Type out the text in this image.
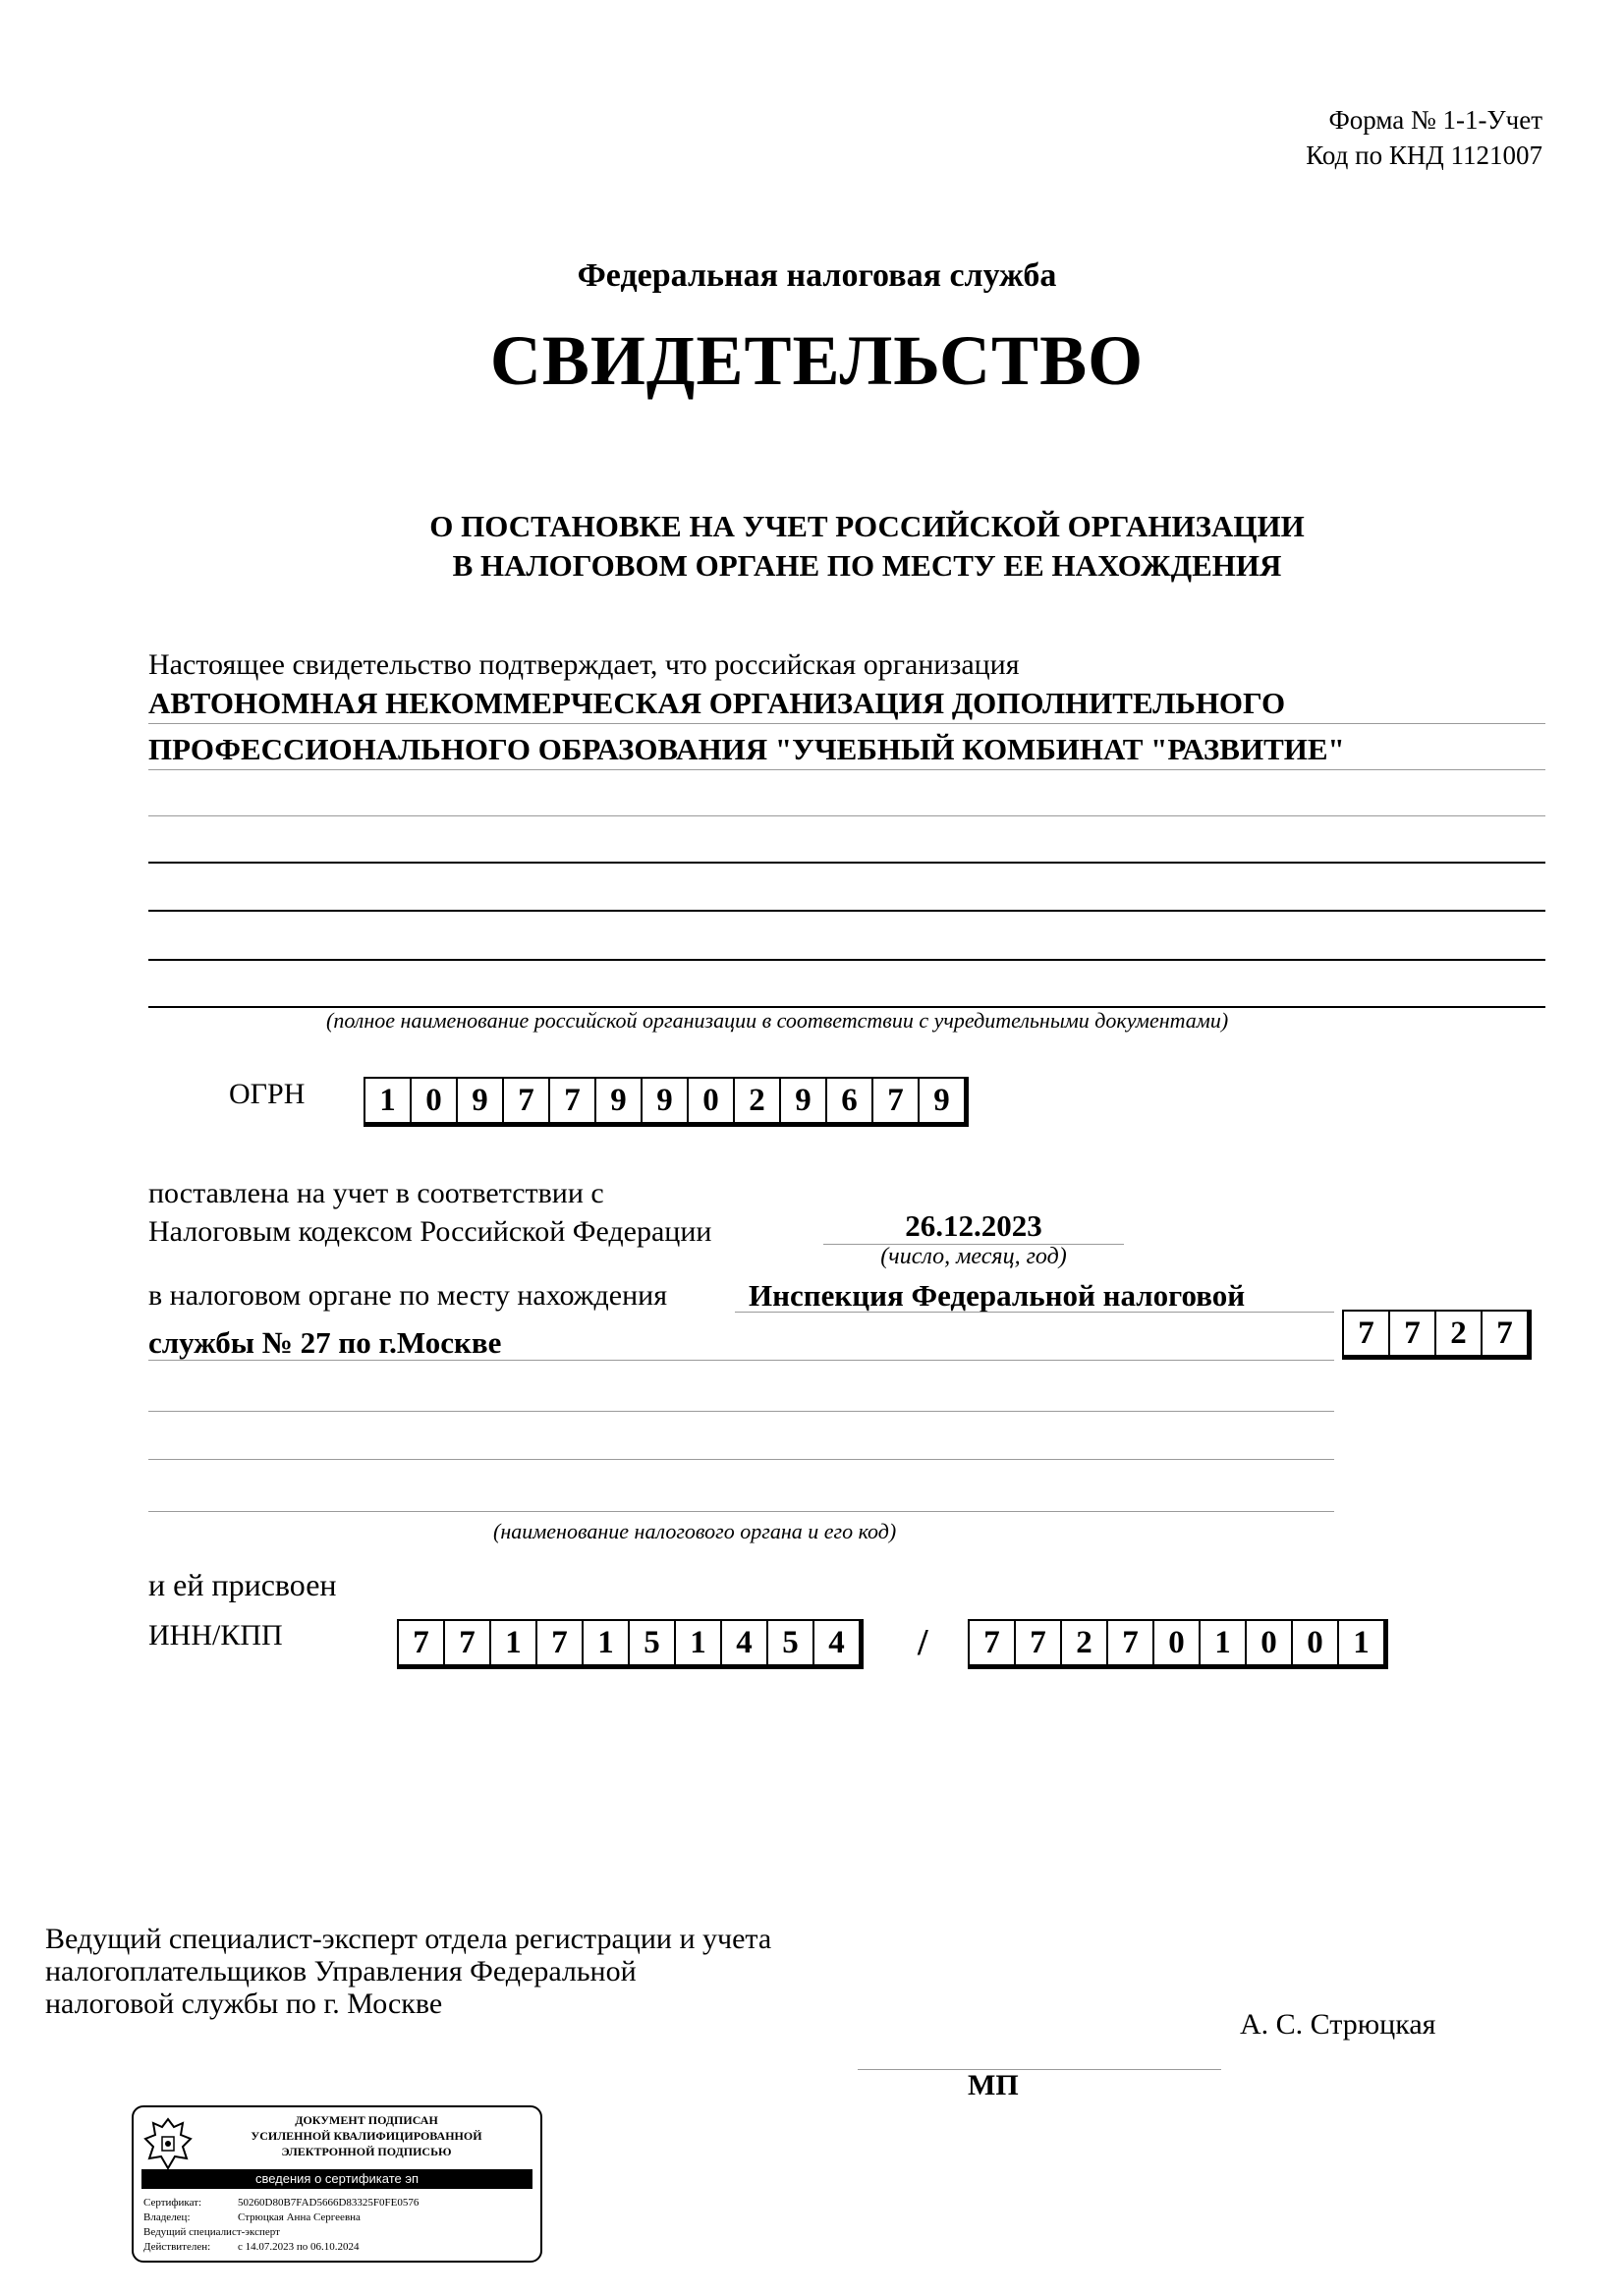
Форма № 1-1-Учет
Код по КНД 1121007
Федеральная налоговая служба
СВИДЕТЕЛЬСТВО
О ПОСТАНОВКЕ НА УЧЕТ РОССИЙСКОЙ ОРГАНИЗАЦИИ
В НАЛОГОВОМ ОРГАНЕ ПО МЕСТУ ЕЕ НАХОЖДЕНИЯ
Настоящее свидетельство подтверждает, что российская организация
АВТОНОМНАЯ НЕКОММЕРЧЕСКАЯ ОРГАНИЗАЦИЯ ДОПОЛНИТЕЛЬНОГО
ПРОФЕССИОНАЛЬНОГО ОБРАЗОВАНИЯ "УЧЕБНЫЙ КОМБИНАТ "РАЗВИТИЕ"
(полное наименование российской организации в соответствии с учредительными документами)
ОГРН	1 0 9 7 7 9 9 0 2 9 6 7 9
поставлена на учет в соответствии с
Налоговым кодексом Российской Федерации	26.12.2023
(число, месяц, год)
в налоговом органе по месту нахождения	Инспекция Федеральной налоговой
службы № 27 по г.Москве	7 7 2 7
(наименование налогового органа и его код)
и ей присвоен
ИНН/КПП	7 7 1 7 1 5 1 4 5 4	/	7 7 2 7 0 1 0 0 1
Ведущий специалист-эксперт отдела регистрации и учета
налогоплательщиков Управления Федеральной
налоговой службы по г. Москве
А. С. Стрюцкая
МП
ДОКУМЕНТ ПОДПИСАН
УСИЛЕННОЙ КВАЛИФИЦИРОВАННОЙ
ЭЛЕКТРОННОЙ ПОДПИСЬЮ
сведения о сертификате эп
Сертификат:	50260D80B7FAD5666D83325F0FE0576
Владелец:	Стрюцкая Анна Сергеевна
Ведущий специалист-эксперт
Действителен:	с 14.07.2023 по 06.10.2024
